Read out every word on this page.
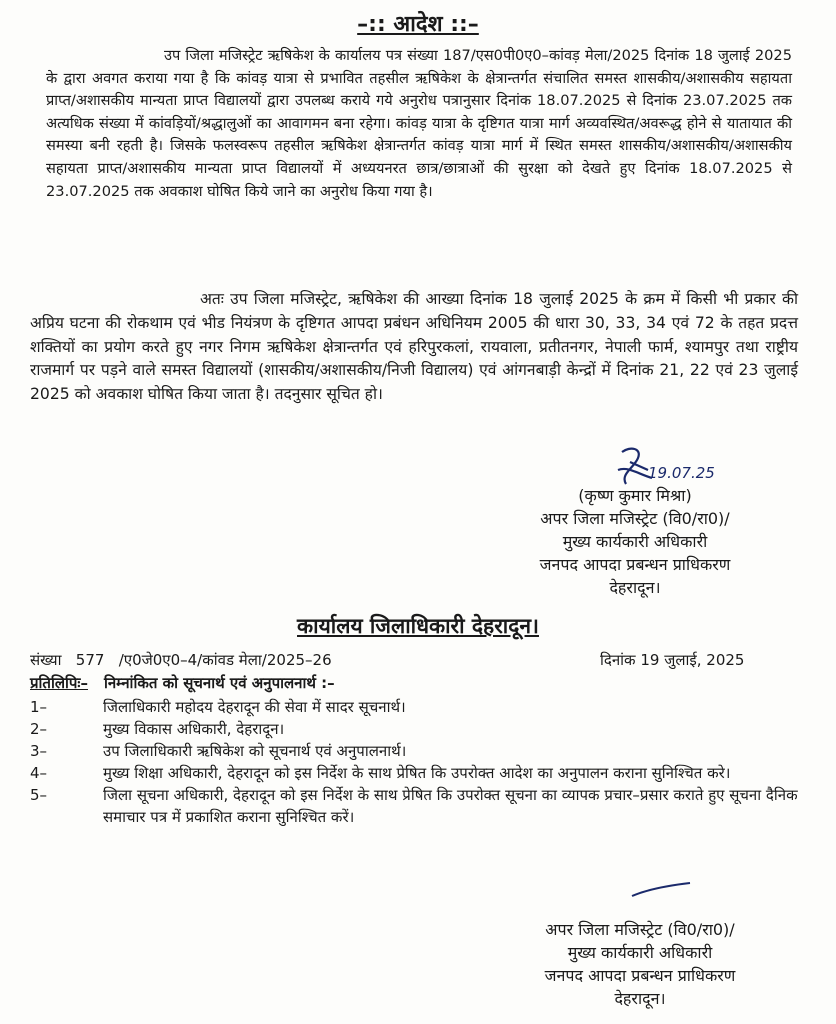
–:: आदेश ::–
उप जिला मजिस्ट्रेट ऋषिकेश के कार्यालय पत्र संख्या 187/एस0पी0ए0–कांवड़ मेला/2025 दिनांक 18 जुलाई 2025 के द्वारा अवगत कराया गया है कि कांवड़ यात्रा से प्रभावित तहसील ऋषिकेश के क्षेत्रान्तर्गत संचालित समस्त शासकीय/अशासकीय सहायता प्राप्त/अशासकीय मान्यता प्राप्त विद्यालयों द्वारा उपलब्ध कराये गये अनुरोध पत्रानुसार दिनांक 18.07.2025 से दिनांक 23.07.2025 तक अत्यधिक संख्या में कांवड़ियों/श्रद्धालुओं का आवागमन बना रहेगा। कांवड़ यात्रा के दृष्टिगत यात्रा मार्ग अव्यवस्थित/अवरूद्ध होने से यातायात की समस्या बनी रहती है। जिसके फलस्वरूप तहसील ऋषिकेश क्षेत्रान्तर्गत कांवड़ यात्रा मार्ग में स्थित समस्त शासकीय/अशासकीय/अशासकीय सहायता प्राप्त/अशासकीय मान्यता प्राप्त विद्यालयों में अध्ययनरत छात्र/छात्राओं की सुरक्षा को देखते हुए दिनांक 18.07.2025 से 23.07.2025 तक अवकाश घोषित किये जाने का अनुरोध किया गया है।
अतः उप जिला मजिस्ट्रेट, ऋषिकेश की आख्या दिनांक 18 जुलाई 2025 के क्रम में किसी भी प्रकार की अप्रिय घटना की रोकथाम एवं भीड नियंत्रण के दृष्टिगत आपदा प्रबंधन अधिनियम 2005 की धारा 30, 33, 34 एवं 72 के तहत प्रदत्त शक्तियों का प्रयोग करते हुए नगर निगम ऋषिकेश क्षेत्रान्तर्गत एवं हरिपुरकलां, रायवाला, प्रतीतनगर, नेपाली फार्म, श्यामपुर तथा राष्ट्रीय राजमार्ग पर पड़ने वाले समस्त विद्यालयों (शासकीय/अशासकीय/निजी विद्यालय) एवं आंगनबाड़ी केन्द्रों में दिनांक 21, 22 एवं 23 जुलाई 2025 को अवकाश घोषित किया जाता है। तदनुसार सूचित हो।
19.07.25
(कृष्ण कुमार मिश्रा)
अपर जिला मजिस्ट्रेट (वि0/रा0)/
मुख्य कार्यकारी अधिकारी
जनपद आपदा प्रबन्धन प्राधिकरण
देहरादून।
कार्यालय जिलाधिकारी देहरादून।
संख्या   577   /ए0जे0ए0–4/कांवड मेला/2025–26	दिनांक 19 जुलाई, 2025
प्रतिलिपिः– निम्नांकित को सूचनार्थ एवं अनुपालनार्थ :–
1–	जिलाधिकारी महोदय देहरादून की सेवा में सादर सूचनार्थ।
2–	मुख्य विकास अधिकारी, देहरादून।
3–	उप जिलाधिकारी ऋषिकेश को सूचनार्थ एवं अनुपालनार्थ।
4–	मुख्य शिक्षा अधिकारी, देहरादून को इस निर्देश के साथ प्रेषित कि उपरोक्त आदेश का अनुपालन कराना सुनिश्चित करे।
5–	जिला सूचना अधिकारी, देहरादून को इस निर्देश के साथ प्रेषित कि उपरोक्त सूचना का व्यापक प्रचार–प्रसार कराते हुए सूचना दैनिक समाचार पत्र में प्रकाशित कराना सुनिश्चित करें।
अपर जिला मजिस्ट्रेट (वि0/रा0)/
मुख्य कार्यकारी अधिकारी
जनपद आपदा प्रबन्धन प्राधिकरण
देहरादून।
